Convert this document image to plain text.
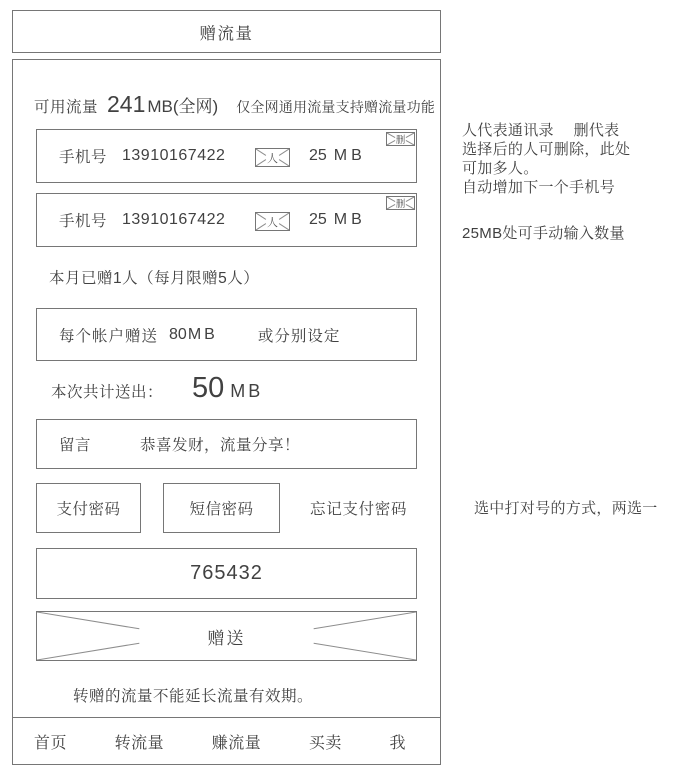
赠流量
可用流量 241 MB(全网) 仅全网通用流量支持赠流量功能
手机号 13910167422	人 25 MB
删
手机号 13910167422	人 25 MB
删
本月已赠1人（每月限赠5人）
每个帐户赠送 80 MB	或分别设定
本次共计送出： 50 MB
留言	恭喜发财，流量分享！
支付密码	短信密码	忘记支付密码
765432
赠送
转赠的流量不能延长流量有效期。
首页	转流量	赚流量	买卖	我
人代表通讯录　 删代表
选择后的人可删除，此处
可加多人。
自动增加下一个手机号
25MB处可手动输入数量
选中打对号的方式，两选一
